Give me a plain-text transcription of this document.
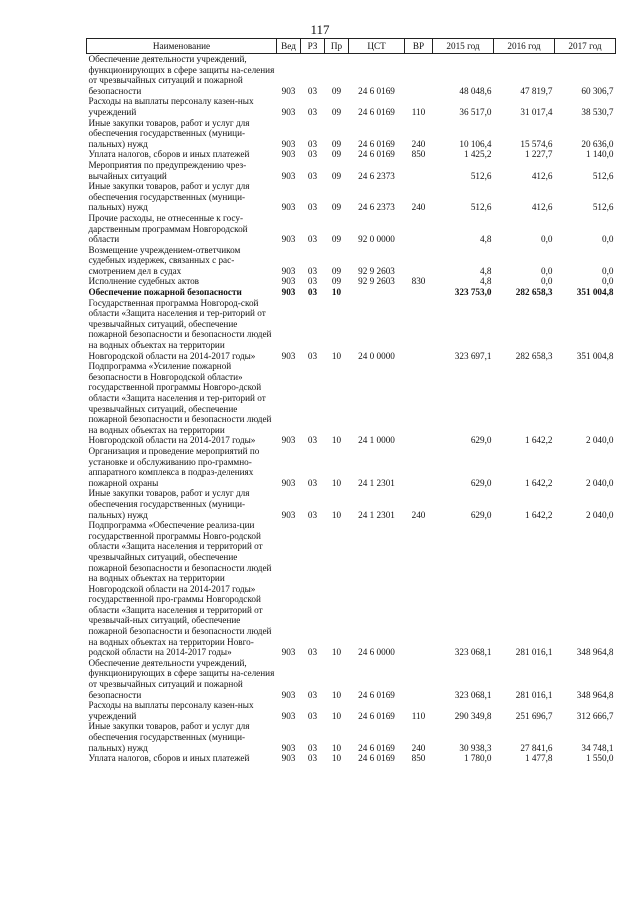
117
Наименование	Вед	РЗ	Пр	ЦСТ	ВР	2015 год	2016 год	2017 год
Обеспечение деятельности учреждений, функционирующих в сфере защиты на-селения от чрезвычайных ситуаций и пожарной безопасности	903	03	09	24 6 0169		48 048,6	47 819,7	60 306,7
Расходы на выплаты персоналу казен-ных учреждений	903	03	09	24 6 0169	110	36 517,0	31 017,4	38 530,7
Иные закупки товаров, работ и услуг для обеспечения государственных (муници-пальных) нужд	903	03	09	24 6 0169	240	10 106,4	15 574,6	20 636,0
Уплата налогов, сборов и иных платежей	903	03	09	24 6 0169	850	1 425,2	1 227,7	1 140,0
Мероприятия по предупреждению чрез-вычайных ситуаций	903	03	09	24 6 2373		512,6	412,6	512,6
Иные закупки товаров, работ и услуг для обеспечения государственных (муници-пальных) нужд	903	03	09	24 6 2373	240	512,6	412,6	512,6
Прочие расходы, не отнесенные к госу-дарственным программам Новгородской области	903	03	09	92 0 0000		4,8	0,0	0,0
Возмещение учреждением-ответчиком судебных издержек, связанных с рас-смотрением дел в судах	903	03	09	92 9 2603		4,8	0,0	0,0
Исполнение судебных актов	903	03	09	92 9 2603	830	4,8	0,0	0,0
Обеспечение пожарной безопасности	903	03	10			323 753,0	282 658,3	351 004,8
Государственная программа Новгород-ской области «Защита населения и тер-риторий от чрезвычайных ситуаций, обеспечение пожарной безопасности и безопасности людей на водных объектах на территории Новгородской области на 2014-2017 годы»	903	03	10	24 0 0000		323 697,1	282 658,3	351 004,8
Подпрограмма «Усиление пожарной безопасности в Новгородской области» государственной программы Новгоро-дской области «Защита населения и тер-риторий от чрезвычайных ситуаций, обеспечение пожарной безопасности и безопасности людей на водных объектах на территории Новгородской области на 2014-2017 годы»	903	03	10	24 1 0000		629,0	1 642,2	2 040,0
Организация и проведение мероприятий по установке и обслуживанию про-граммно-аппаратного комплекса в подраз-делениях пожарной охраны	903	03	10	24 1 2301		629,0	1 642,2	2 040,0
Иные закупки товаров, работ и услуг для обеспечения государственных (муници-пальных) нужд	903	03	10	24 1 2301	240	629,0	1 642,2	2 040,0
Подпрограмма «Обеспечение реализа-ции государственной программы Новго-родской области «Защита населения и территорий от чрезвычайных ситуаций, обеспечение пожарной безопасности и безопасности людей на водных объектах на территории Новгородской области на 2014-2017 годы» государственной про-граммы Новгородской области «Защита населения и территорий от чрезвычай-ных ситуаций, обеспечение пожарной безопасности и безопасности людей на водных объектах на территории Новго-родской области на 2014-2017 годы»	903	03	10	24 6 0000		323 068,1	281 016,1	348 964,8
Обеспечение деятельности учреждений, функционирующих в сфере защиты на-селения от чрезвычайных ситуаций и пожарной безопасности	903	03	10	24 6 0169		323 068,1	281 016,1	348 964,8
Расходы на выплаты персоналу казен-ных учреждений	903	03	10	24 6 0169	110	290 349,8	251 696,7	312 666,7
Иные закупки товаров, работ и услуг для обеспечения государственных (муници-пальных) нужд	903	03	10	24 6 0169	240	30 938,3	27 841,6	34 748,1
Уплата налогов, сборов и иных платежей	903	03	10	24 6 0169	850	1 780,0	1 477,8	1 550,0
